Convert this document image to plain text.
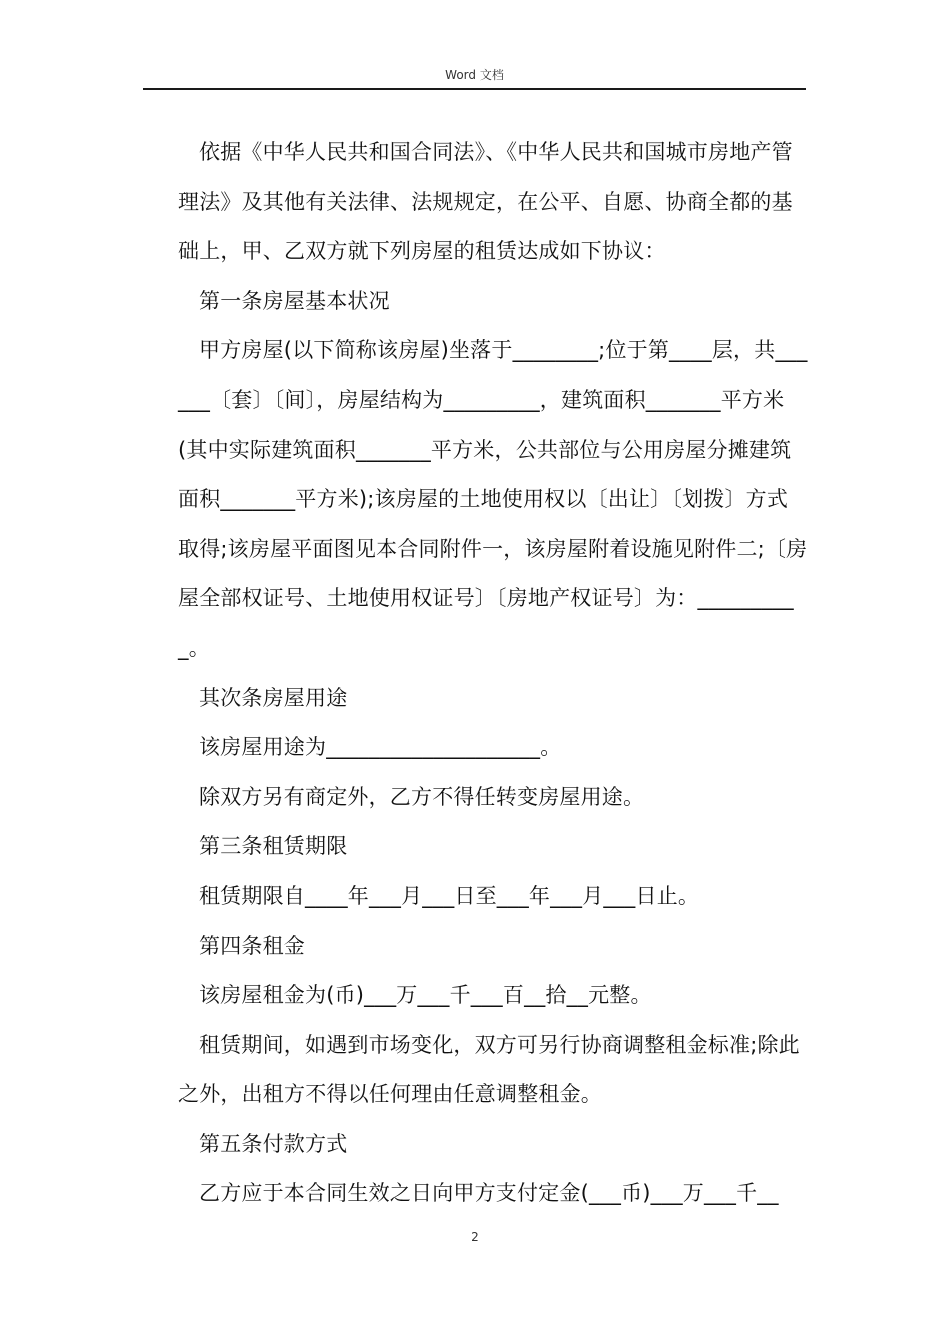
Word 文档

依据《中华人民共和国合同法》、《中华人民共和国城市房地产管理法》及其他有关法律、法规规定，在公平、自愿、协商全都的基础上，甲、乙双方就下列房屋的租赁达成如下协议：

第一条房屋基本状况

甲方房屋(以下简称该房屋)坐落于________;位于第____层，共______〔套〕〔间〕，房屋结构为_________，建筑面积_______平方米(其中实际建筑面积_______平方米，公共部位与公用房屋分摊建筑面积_______平方米);该房屋的土地使用权以〔出让〕〔划拨〕方式取得;该房屋平面图见本合同附件一，该房屋附着设施见附件二;〔房屋全部权证号、土地使用权证号〕〔房地产权证号〕为：__________。

其次条房屋用途

该房屋用途为____________________。

除双方另有商定外，乙方不得任转变房屋用途。

第三条租赁期限

租赁期限自____年___月___日至___年___月___日止。

第四条租金

该房屋租金为(币)___万___千___百__拾__元整。

租赁期间，如遇到市场变化，双方可另行协商调整租金标准;除此之外，出租方不得以任何理由任意调整租金。

第五条付款方式

乙方应于本合同生效之日向甲方支付定金(___币)___万___千__

2
